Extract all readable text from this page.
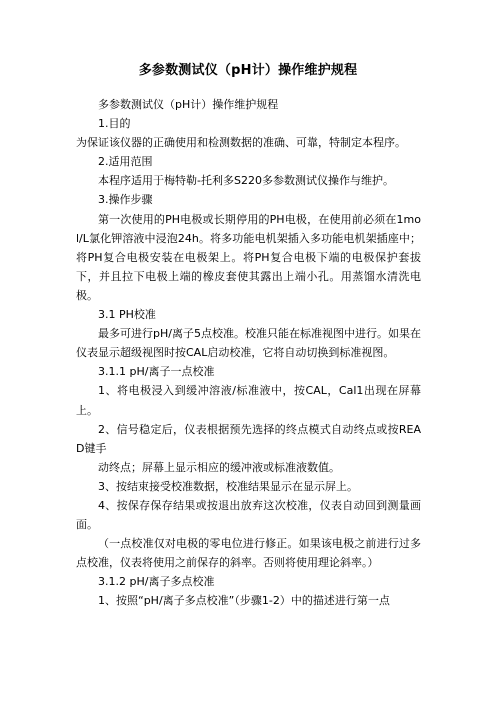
多参数测试仪（pH计）操作维护规程

多参数测试仪（pH计）操作维护规程

1.目的

为保证该仪器的正确使用和检测数据的准确、可靠，特制定本程序。

2.适用范围

本程序适用于梅特勒-托利多S220多参数测试仪操作与维护。

3.操作步骤

第一次使用的PH电极或长期停用的PH电极，在使用前必须在1mol/L氯化钾溶液中浸泡24h。将多功能电机架插入多功能电机架插座中；将PH复合电极安装在电极架上。将PH复合电极下端的电极保护套拔下，并且拉下电极上端的橡皮套使其露出上端小孔。用蒸馏水清洗电极。

3.1 PH校准

最多可进行pH/离子5点校准。校准只能在标准视图中进行。如果在仪表显示超级视图时按CAL启动校准，它将自动切换到标准视图。

3.1.1 pH/离子一点校准

1、将电极浸入到缓冲溶液/标准液中，按CAL，Cal1出现在屏幕上。

2、信号稳定后，仪表根据预先选择的终点模式自动终点或按READ键手

动终点；屏幕上显示相应的缓冲液或标准液数值。

3、按结束接受校准数据，校准结果显示在显示屏上。

4、按保存保存结果或按退出放弃这次校准，仪表自动回到测量画面。

（一点校准仅对电极的零电位进行修正。如果该电极之前进行过多点校准，仪表将使用之前保存的斜率。否则将使用理论斜率。）

3.1.2 pH/离子多点校准

1、按照“pH/离子多点校准”（步骤1-2）中的描述进行第一点
